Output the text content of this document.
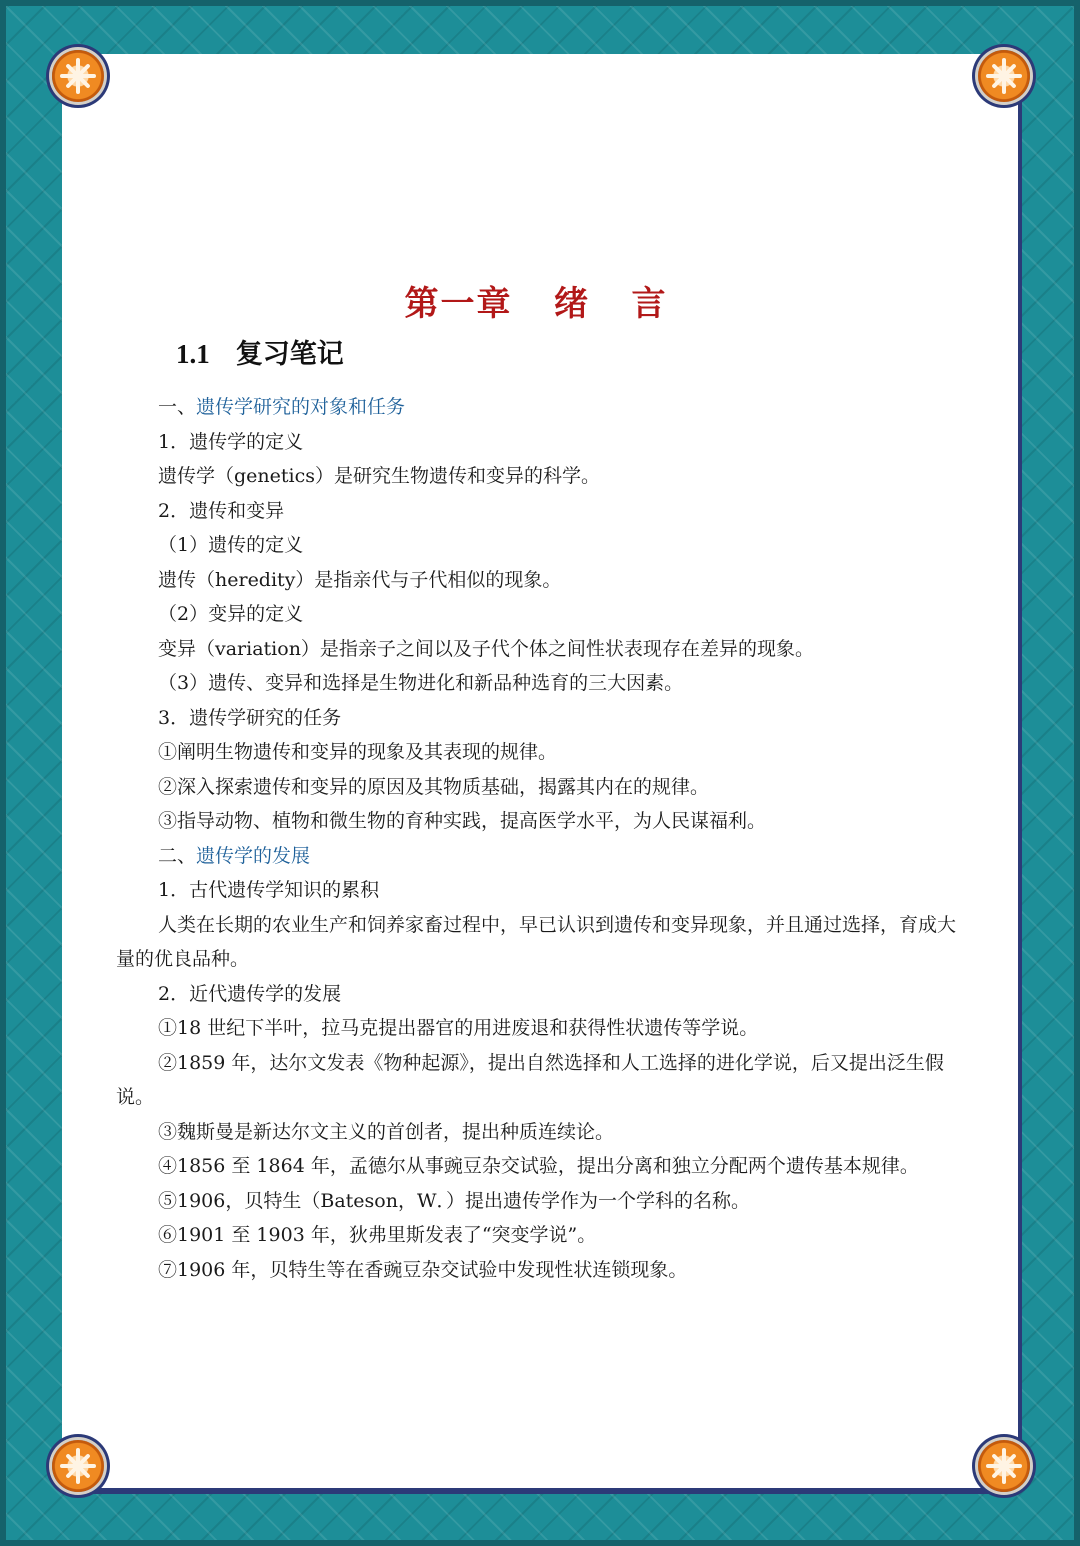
第一章   绪   言
1.1 复习笔记

一、遗传学研究的对象和任务

1．遗传学的定义

遗传学（genetics）是研究生物遗传和变异的科学。

2．遗传和变异

（1）遗传的定义

遗传（heredity）是指亲代与子代相似的现象。

（2）变异的定义

变异（variation）是指亲子之间以及子代个体之间性状表现存在差异的现象。

（3）遗传、变异和选择是生物进化和新品种选育的三大因素。

3．遗传学研究的任务

①阐明生物遗传和变异的现象及其表现的规律。

②深入探索遗传和变异的原因及其物质基础，揭露其内在的规律。

③指导动物、植物和微生物的育种实践，提高医学水平，为人民谋福利。

二、遗传学的发展

1．古代遗传学知识的累积

人类在长期的农业生产和饲养家畜过程中，早已认识到遗传和变异现象，并且通过选择，育成大量的优良品种。

2．近代遗传学的发展

①18 世纪下半叶，拉马克提出器官的用进废退和获得性状遗传等学说。

②1859 年，达尔文发表《物种起源》，提出自然选择和人工选择的进化学说，后又提出泛生假说。

③魏斯曼是新达尔文主义的首创者，提出种质连续论。

④1856 至 1864 年，孟德尔从事豌豆杂交试验，提出分离和独立分配两个遗传基本规律。

⑤1906，贝特生（Bateson，W．）提出遗传学作为一个学科的名称。

⑥1901 至 1903 年，狄弗里斯发表了“突变学说”。

⑦1906 年，贝特生等在香豌豆杂交试验中发现性状连锁现象。
